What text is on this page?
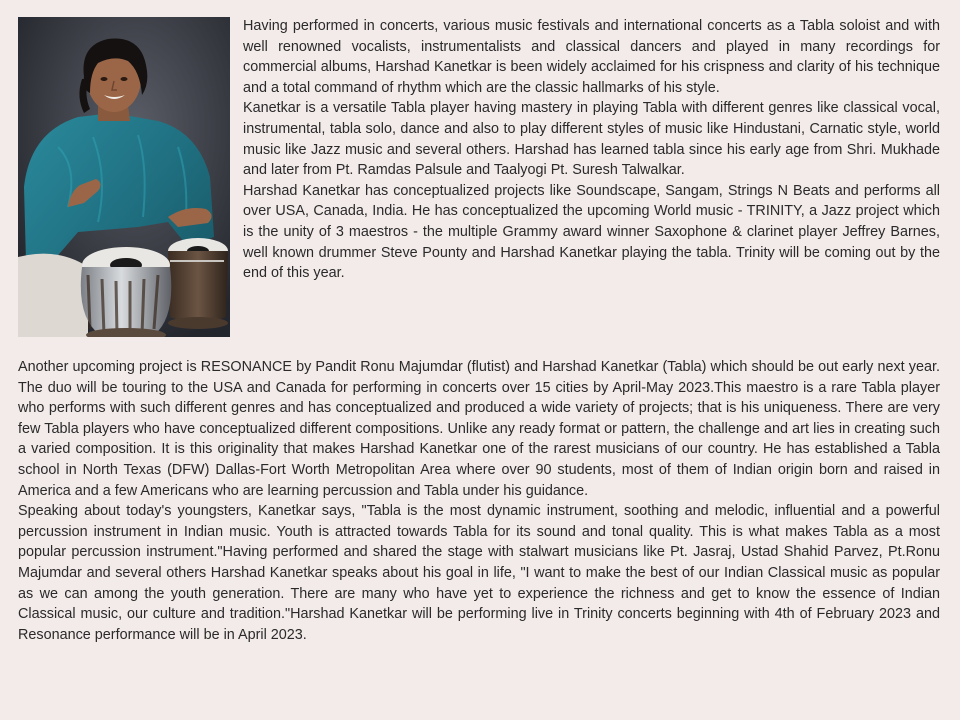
Having performed in concerts, various music festivals and international concerts as a Tabla soloist and with well renowned vocalists, instrumentalists and classical dancers and played in many recordings for commercial albums, Harshad Kanetkar is been widely acclaimed for his crispness and clarity of his technique and a total command of rhythm which are the classic hallmarks of his style.

Kanetkar is a versatile Tabla player having mastery in playing Tabla with different genres like classical vocal, instrumental, tabla solo, dance and also to play different styles of music like Hindustani, Carnatic style, world music like Jazz music and several others. Harshad has learned tabla since his early age from Shri. Mukhade and later from Pt. Ramdas Palsule and Taalyogi Pt. Suresh Talwalkar.

Harshad Kanetkar has conceptualized projects like Soundscape, Sangam, Strings N Beats and performs all over USA, Canada, India. He has conceptualized the upcoming World music - TRINITY, a Jazz project which is the unity of 3 maestros - the multiple Grammy award winner Saxophone & clarinet player Jeffrey Barnes, well known drummer Steve Pounty and Harshad Kanetkar playing the tabla. Trinity will be coming out by the end of this year.

Another upcoming project is RESONANCE by Pandit Ronu Majumdar (flutist) and Harshad Kanetkar (Tabla) which should be out early next year. The duo will be touring to the USA and Canada for performing in concerts over 15 cities by April-May 2023.This maestro is a rare Tabla player who performs with such different genres and has conceptualized and produced a wide variety of projects; that is his uniqueness. There are very few Tabla players who have conceptualized different compositions. Unlike any ready format or pattern, the challenge and art lies in creating such a varied composition. It is this originality that makes Harshad Kanetkar one of the rarest musicians of our country. He has established a Tabla school in North Texas (DFW) Dallas-Fort Worth Metropolitan Area where over 90 students, most of them of Indian origin born and raised in America and a few Americans who are learning percussion and Tabla under his guidance.

Speaking about today's youngsters, Kanetkar says, "Tabla is the most dynamic instrument, soothing and melodic, influential and a powerful percussion instrument in Indian music. Youth is attracted towards Tabla for its sound and tonal quality. This is what makes Tabla as a most popular percussion instrument."Having performed and shared the stage with stalwart musicians like Pt. Jasraj, Ustad Shahid Parvez, Pt.Ronu Majumdar and several others Harshad Kanetkar speaks about his goal in life, "I want to make the best of our Indian Classical music as popular as we can among the youth generation. There are many who have yet to experience the richness and get to know the essence of Indian Classical music, our culture and tradition."Harshad Kanetkar will be performing live in Trinity concerts beginning with 4th of February 2023 and Resonance performance will be in April 2023.
